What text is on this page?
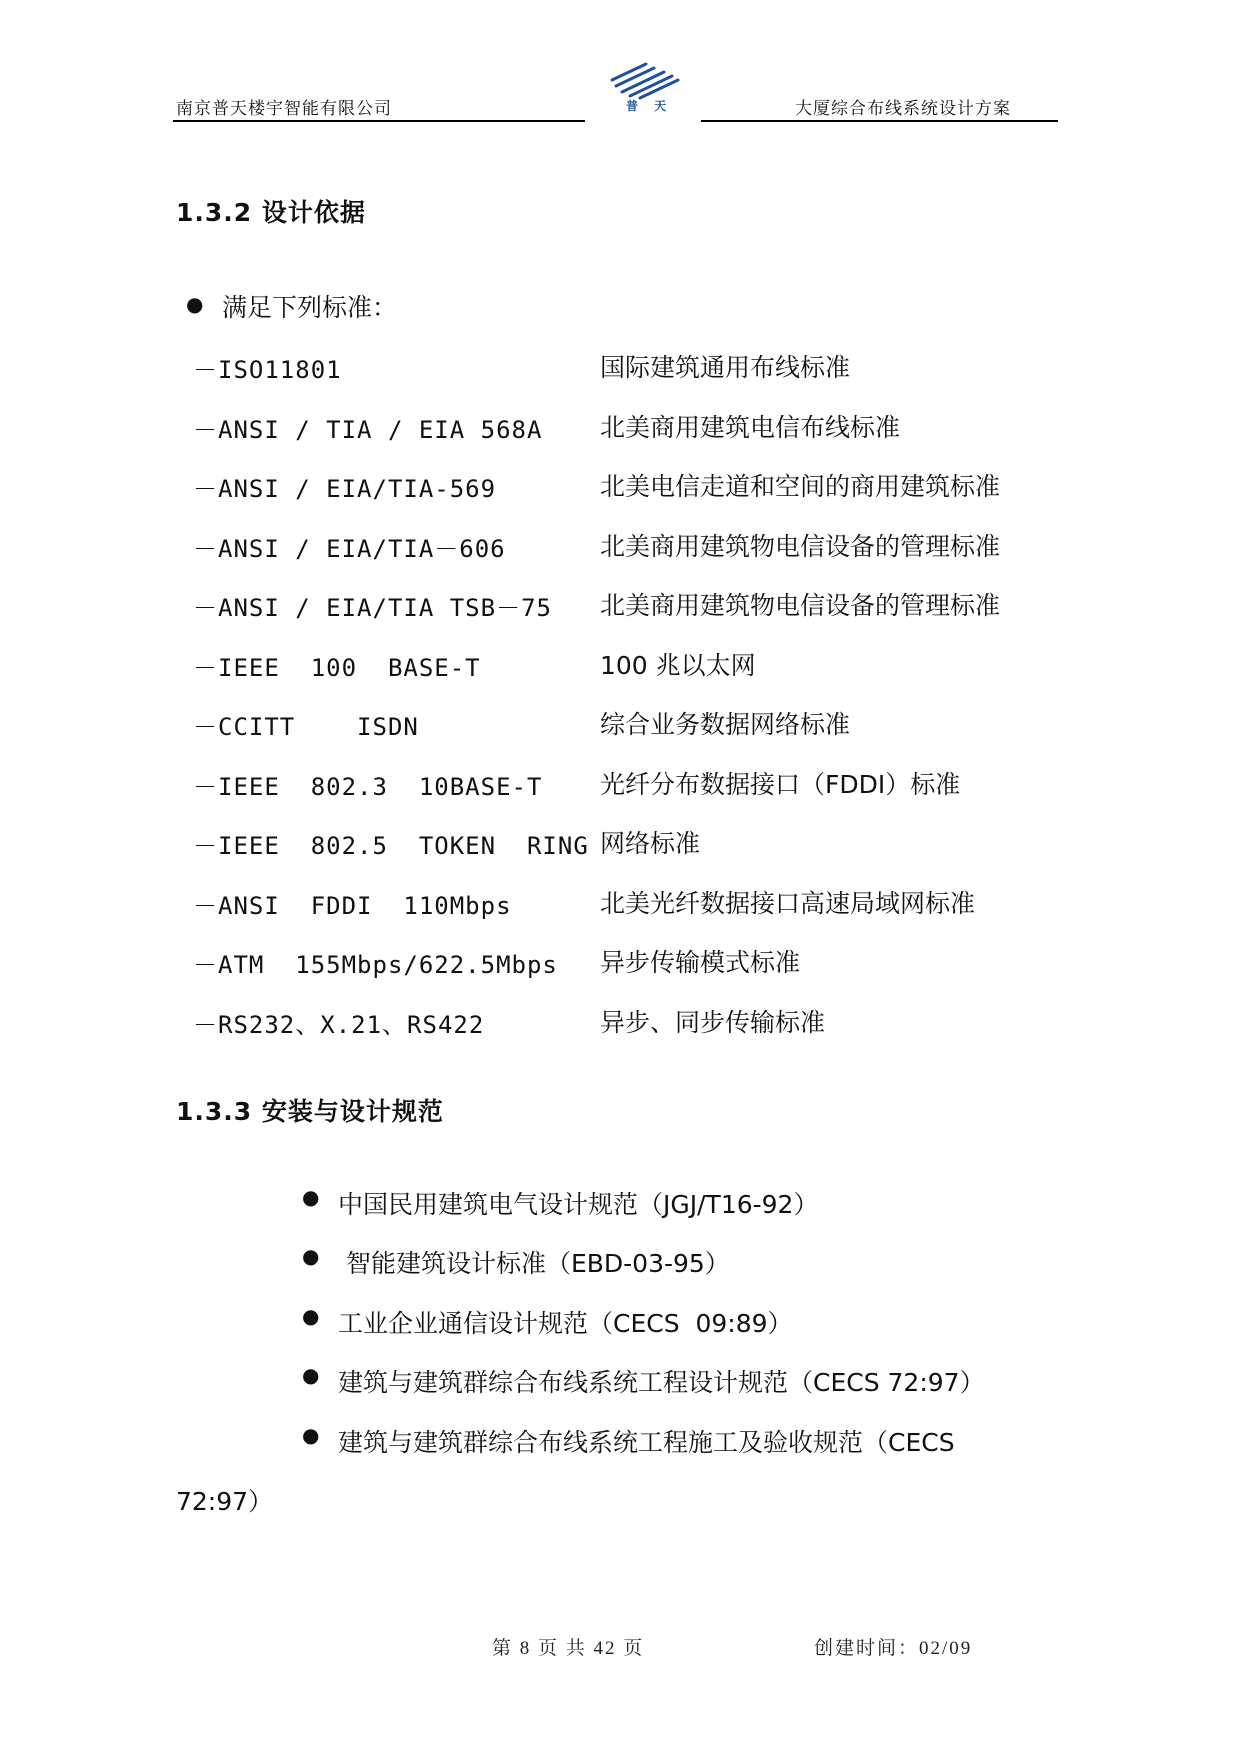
南京普天楼宇智能有限公司	普 天	大厦综合布线系统设计方案
1.3.2 设计依据
● 满足下列标准：
－ISO11801	国际建筑通用布线标准
－ANSI / TIA / EIA 568A 北美商用建筑电信布线标准
－ANSI / EIA/TIA-569	北美电信走道和空间的商用建筑标准
－ANSI / EIA/TIA－606	北美商用建筑物电信设备的管理标准
－ANSI / EIA/TIA TSB－75 北美商用建筑物电信设备的管理标准
－IEEE  100  BASE-T	100 兆以太网
－CCITT    ISDN	综合业务数据网络标准
－IEEE  802.3  10BASE-T 光纤分布数据接口（FDDI）标准
－IEEE  802.5  TOKEN  RING 网络标准
－ANSI  FDDI  110Mbps	北美光纤数据接口高速局域网标准
－ATM  155Mbps/622.5Mbps 异步传输模式标准
－RS232、X.21、RS422	异步、同步传输标准
1.3.3 安装与设计规范
● 中国民用建筑电气设计规范（JGJ/T16-92）
● 智能建筑设计标准（EBD-03-95）
● 工业企业通信设计规范（CECS  09:89）
● 建筑与建筑群综合布线系统工程设计规范（CECS 72:97）
● 建筑与建筑群综合布线系统工程施工及验收规范（CECS
72:97）
第 8 页 共 42 页	创建时间：02/09
